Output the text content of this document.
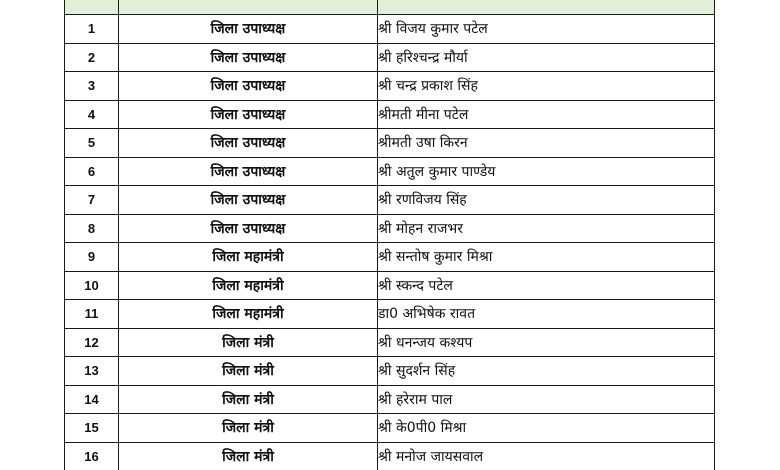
1	जिला उपाध्यक्ष	श्री विजय कुमार पटेल
2	जिला उपाध्यक्ष	श्री हरिश्चन्द्र मौर्या
3	जिला उपाध्यक्ष	श्री चन्द्र प्रकाश सिंह
4	जिला उपाध्यक्ष	श्रीमती मीना पटेल
5	जिला उपाध्यक्ष	श्रीमती उषा किरन
6	जिला उपाध्यक्ष	श्री अतुल कुमार पाण्डेय
7	जिला उपाध्यक्ष	श्री रणविजय सिंह
8	जिला उपाध्यक्ष	श्री मोहन राजभर
9	जिला महामंत्री	श्री सन्तोष कुमार मिश्रा
10	जिला महामंत्री	श्री स्कन्द पटेल
11	जिला महामंत्री	डा0 अभिषेक रावत
12	जिला मंत्री	श्री धनन्जय कश्यप
13	जिला मंत्री	श्री सुदर्शन सिंह
14	जिला मंत्री	श्री हरेराम पाल
15	जिला मंत्री	श्री के0पी0 मिश्रा
16	जिला मंत्री	श्री मनोज जायसवाल
